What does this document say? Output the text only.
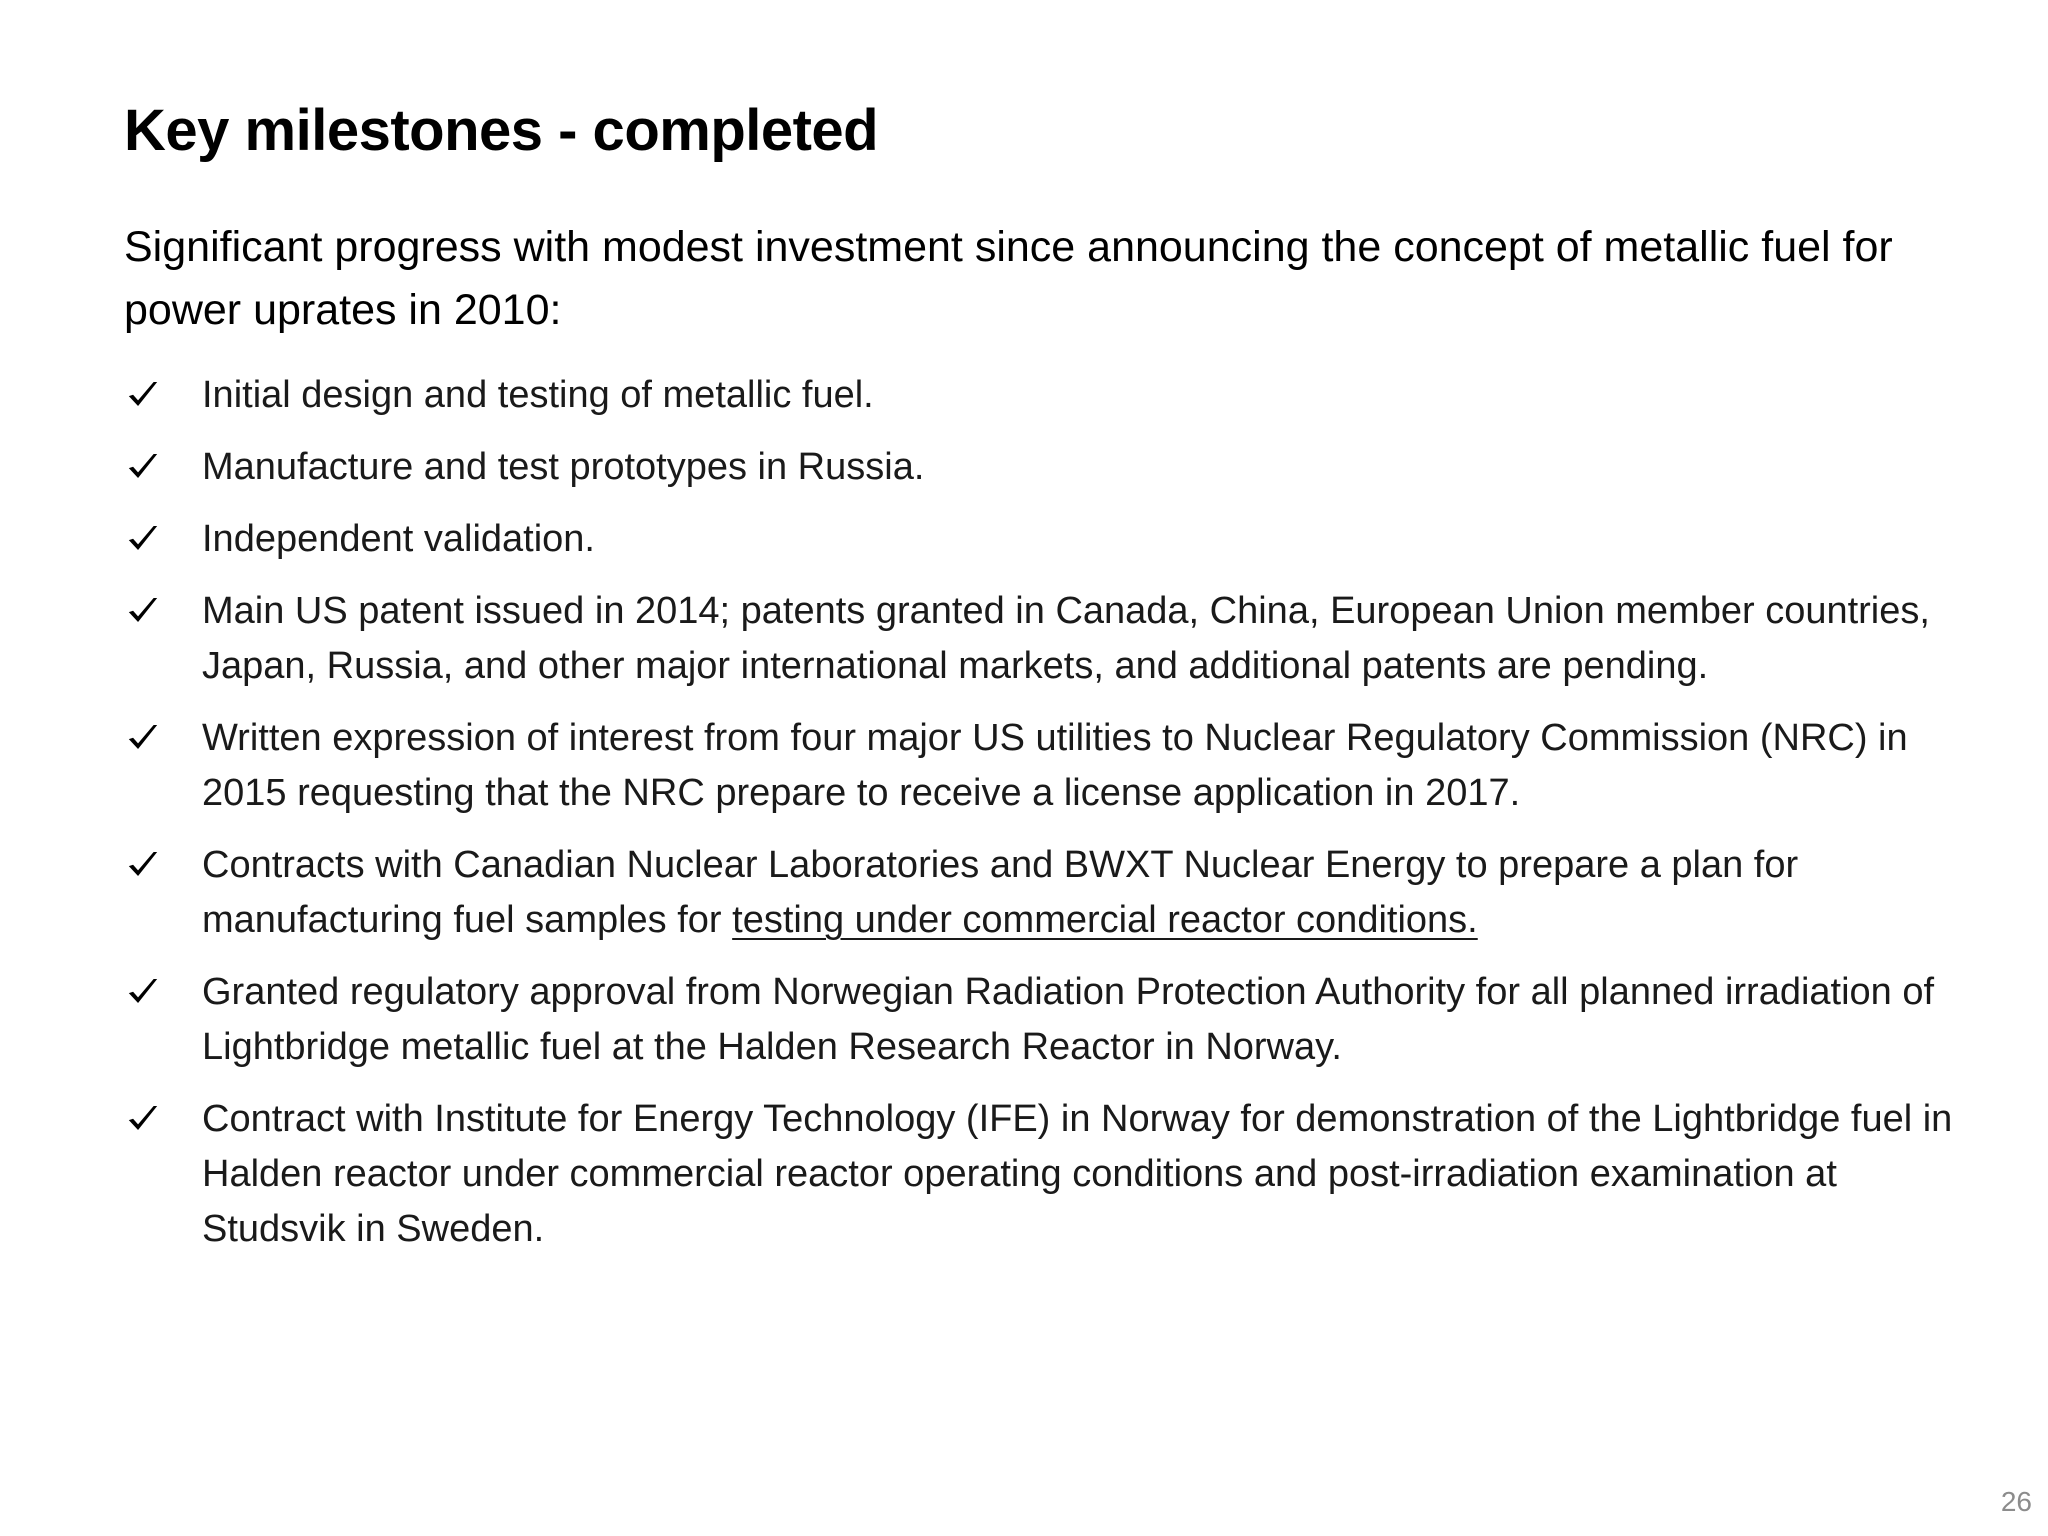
Key milestones - completed

Significant progress with modest investment since announcing the concept of metallic fuel for power uprates in 2010:

Initial design and testing of metallic fuel.
Manufacture and test prototypes in Russia.
Independent validation.
Main US patent issued in 2014; patents granted in Canada, China, European Union member countries, Japan, Russia, and other major international markets, and additional patents are pending.
Written expression of interest from four major US utilities to Nuclear Regulatory Commission (NRC) in 2015 requesting that the NRC prepare to receive a license application in 2017.
Contracts with Canadian Nuclear Laboratories and BWXT Nuclear Energy to prepare a plan for manufacturing fuel samples for testing under commercial reactor conditions.
Granted regulatory approval from Norwegian Radiation Protection Authority for all planned irradiation of Lightbridge metallic fuel at the Halden Research Reactor in Norway.
Contract with Institute for Energy Technology (IFE) in Norway for demonstration of the Lightbridge fuel in Halden reactor under commercial reactor operating conditions and post-irradiation examination at Studsvik in Sweden.
26
